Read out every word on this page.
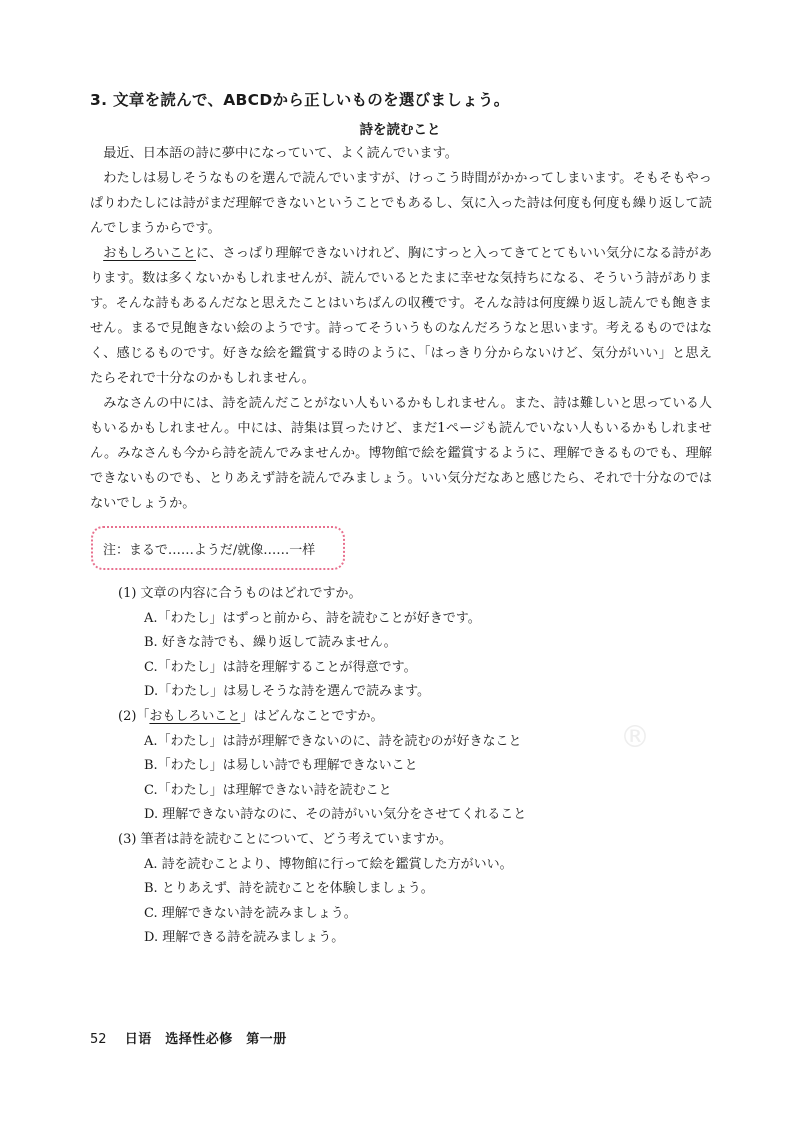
3. 文章を読んで、ABCDから正しいものを選びましょう。
詩を読むこと

最近、日本語の詩に夢中になっていて、よく読んでいます。

わたしは易しそうなものを選んで読んでいますが、けっこう時間がかかってしまいます。そもそもやっぱりわたしには詩がまだ理解できないということでもあるし、気に入った詩は何度も何度も繰り返して読んでしまうからです。

おもしろいことに、さっぱり理解できないけれど、胸にすっと入ってきてとてもいい気分になる詩があります。数は多くないかもしれませんが、読んでいるとたまに幸せな気持ちになる、そういう詩があります。そんな詩もあるんだなと思えたことはいちばんの収穫です。そんな詩は何度繰り返し読んでも飽きません。まるで見飽きない絵のようです。詩ってそういうものなんだろうなと思います。考えるものではなく、感じるものです。好きな絵を鑑賞する時のように、「はっきり分からないけど、気分がいい」と思えたらそれで十分なのかもしれません。

みなさんの中には、詩を読んだことがない人もいるかもしれません。また、詩は難しいと思っている人もいるかもしれません。中には、詩集は買ったけど、まだ1ページも読んでいない人もいるかもしれません。みなさんも今から詩を読んでみませんか。博物館で絵を鑑賞するように、理解できるものでも、理解できないものでも、とりあえず詩を読んでみましょう。いい気分だなあと感じたら、それで十分なのではないでしょうか。

注：まるで……ようだ/就像……一样
®
(1) 文章の内容に合うものはどれですか。
A.「わたし」はずっと前から、詩を読むことが好きです。
B. 好きな詩でも、繰り返して読みません。
C.「わたし」は詩を理解することが得意です。
D.「わたし」は易しそうな詩を選んで読みます。
(2)「おもしろいこと」はどんなことですか。
A.「わたし」は詩が理解できないのに、詩を読むのが好きなこと
B.「わたし」は易しい詩でも理解できないこと
C.「わたし」は理解できない詩を読むこと
D. 理解できない詩なのに、その詩がいい気分をさせてくれること
(3) 筆者は詩を読むことについて、どう考えていますか。
A. 詩を読むことより、博物館に行って絵を鑑賞した方がいい。
B. とりあえず、詩を読むことを体験しましょう。
C. 理解できない詩を読みましょう。
D. 理解できる詩を読みましょう。
52 日语　选择性必修　第一册
